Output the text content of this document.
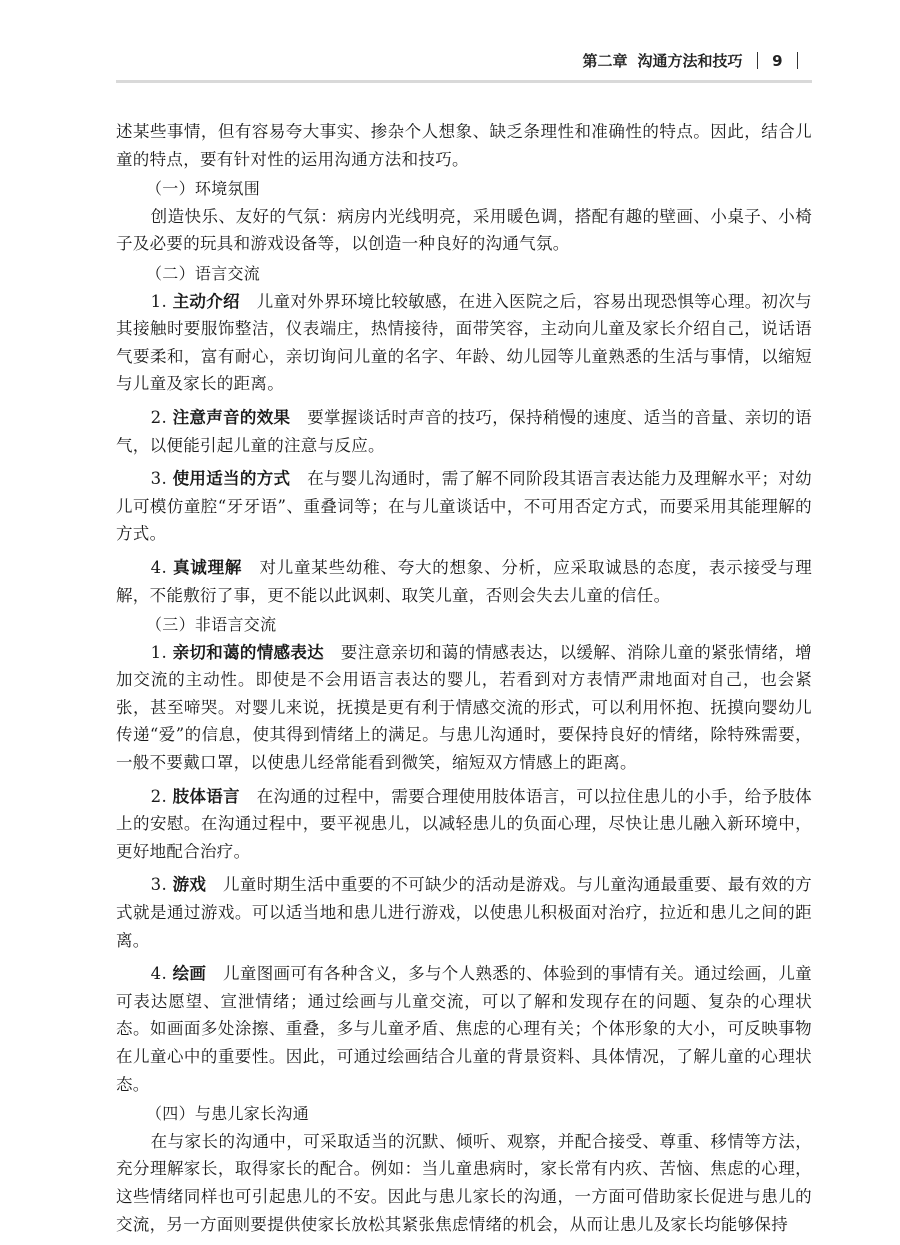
第二章 沟通方法和技巧 9

述某些事情，但有容易夸大事实、掺杂个人想象、缺乏条理性和准确性的特点。因此，结合儿童的特点，要有针对性的运用沟通方法和技巧。

（一）环境氛围

创造快乐、友好的气氛：病房内光线明亮，采用暖色调，搭配有趣的壁画、小桌子、小椅子及必要的玩具和游戏设备等，以创造一种良好的沟通气氛。

（二）语言交流

1. 主动介绍　 儿童对外界环境比较敏感，在进入医院之后，容易出现恐惧等心理。初次与其接触时要服饰整洁，仪表端庄，热情接待，面带笑容，主动向儿童及家长介绍自己，说话语气要柔和，富有耐心，亲切询问儿童的名字、年龄、幼儿园等儿童熟悉的生活与事情，以缩短与儿童及家长的距离。

2. 注意声音的效果　 要掌握谈话时声音的技巧，保持稍慢的速度、适当的音量、亲切的语气，以便能引起儿童的注意与反应。

3. 使用适当的方式　 在与婴儿沟通时，需了解不同阶段其语言表达能力及理解水平；对幼儿可模仿童腔“牙牙语”、重叠词等；在与儿童谈话中，不可用否定方式，而要采用其能理解的方式。

4. 真诚理解　 对儿童某些幼稚、夸大的想象、分析，应采取诚恳的态度，表示接受与理解，不能敷衍了事，更不能以此讽刺、取笑儿童，否则会失去儿童的信任。

（三）非语言交流

1. 亲切和蔼的情感表达　 要注意亲切和蔼的情感表达，以缓解、消除儿童的紧张情绪，增加交流的主动性。即使是不会用语言表达的婴儿，若看到对方表情严肃地面对自己，也会紧张，甚至啼哭。对婴儿来说，抚摸是更有利于情感交流的形式，可以利用怀抱、抚摸向婴幼儿传递“爱”的信息，使其得到情绪上的满足。与患儿沟通时，要保持良好的情绪，除特殊需要，一般不要戴口罩，以使患儿经常能看到微笑，缩短双方情感上的距离。

2. 肢体语言　 在沟通的过程中，需要合理使用肢体语言，可以拉住患儿的小手，给予肢体上的安慰。在沟通过程中，要平视患儿，以减轻患儿的负面心理，尽快让患儿融入新环境中，更好地配合治疗。

3. 游戏　 儿童时期生活中重要的不可缺少的活动是游戏。与儿童沟通最重要、最有效的方式就是通过游戏。可以适当地和患儿进行游戏，以使患儿积极面对治疗，拉近和患儿之间的距离。

4. 绘画　 儿童图画可有各种含义，多与个人熟悉的、体验到的事情有关。通过绘画，儿童可表达愿望、宣泄情绪；通过绘画与儿童交流，可以了解和发现存在的问题、复杂的心理状态。如画面多处涂擦、重叠，多与儿童矛盾、焦虑的心理有关；个体形象的大小，可反映事物在儿童心中的重要性。因此，可通过绘画结合儿童的背景资料、具体情况，了解儿童的心理状态。

（四）与患儿家长沟通

在与家长的沟通中，可采取适当的沉默、倾听、观察，并配合接受、尊重、移情等方法，充分理解家长，取得家长的配合。例如：当儿童患病时，家长常有内疚、苦恼、焦虑的心理，这些情绪同样也可引起患儿的不安。因此与患儿家长的沟通，一方面可借助家长促进与患儿的交流，另一方面则要提供使家长放松其紧张焦虑情绪的机会，从而让患儿及家长均能够保持
